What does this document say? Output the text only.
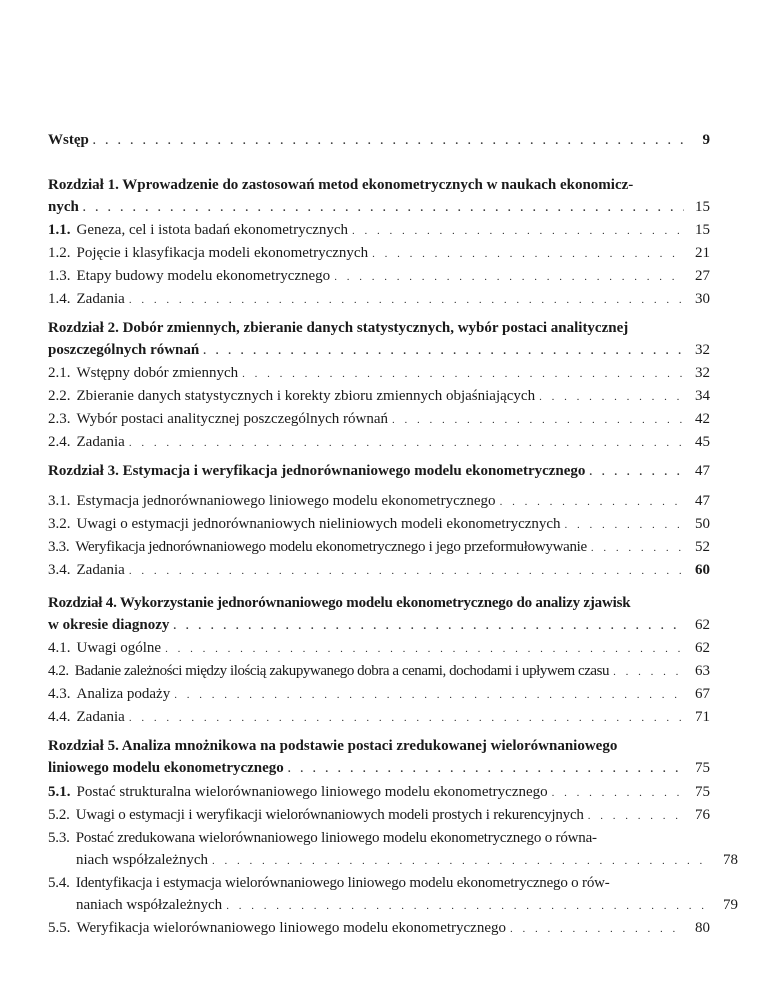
Wstęp . . .	9
Rozdział 1. Wprowadzenie do zastosowań metod ekonometrycznych w naukach ekonomicz-
nych . . .	15
1.1. Geneza, cel i istota badań ekonometrycznych . . .	15
1.2. Pojęcie i klasyfikacja modeli ekonometrycznych . . .	21
1.3. Etapy budowy modelu ekonometrycznego . . .	27
1.4. Zadania . . .	30
Rozdział 2. Dobór zmiennych, zbieranie danych statystycznych, wybór postaci analitycznej
poszczególnych równań . . .	32
2.1. Wstępny dobór zmiennych . . .	32
2.2. Zbieranie danych statystycznych i korekty zbioru zmiennych objaśniających . . .	34
2.3. Wybór postaci analitycznej poszczególnych równań . . .	42
2.4. Zadania . . .	45
Rozdział 3. Estymacja i weryfikacja jednorównaniowego modelu ekonometrycznego . . .	47
3.1. Estymacja jednorównaniowego liniowego modelu ekonometrycznego . . .	47
3.2. Uwagi o estymacji jednorównaniowych nieliniowych modeli ekonometrycznych . . .	50
3.3. Weryfikacja jednorównaniowego modelu ekonometrycznego i jego przeformułowywanie . . .	52
3.4. Zadania . . .	60
Rozdział 4. Wykorzystanie jednorównaniowego modelu ekonometrycznego do analizy zjawisk
w okresie diagnozy . . .	62
4.1. Uwagi ogólne . . .	62
4.2. Badanie zależności między ilością zakupywanego dobra a cenami, dochodami i upływem czasu . . .	63
4.3. Analiza podaży . . .	67
4.4. Zadania . . .	71
Rozdział 5. Analiza mnożnikowa na podstawie postaci zredukowanej wielorównaniowego
liniowego modelu ekonometrycznego . . .	75
5.1. Postać strukturalna wielorównaniowego liniowego modelu ekonometrycznego . . .	75
5.2. Uwagi o estymacji i weryfikacji wielorównaniowych modeli prostych i rekurencyjnych . . .	76
5.3. Postać zredukowana wielorównaniowego liniowego modelu ekonometrycznego o równa-
niach współzależnych . . .	78
5.4. Identyfikacja i estymacja wielorównaniowego liniowego modelu ekonometrycznego o rów-
naniach współzależnych . . .	79
5.5. Weryfikacja wielorównaniowego liniowego modelu ekonometrycznego . . .	80
